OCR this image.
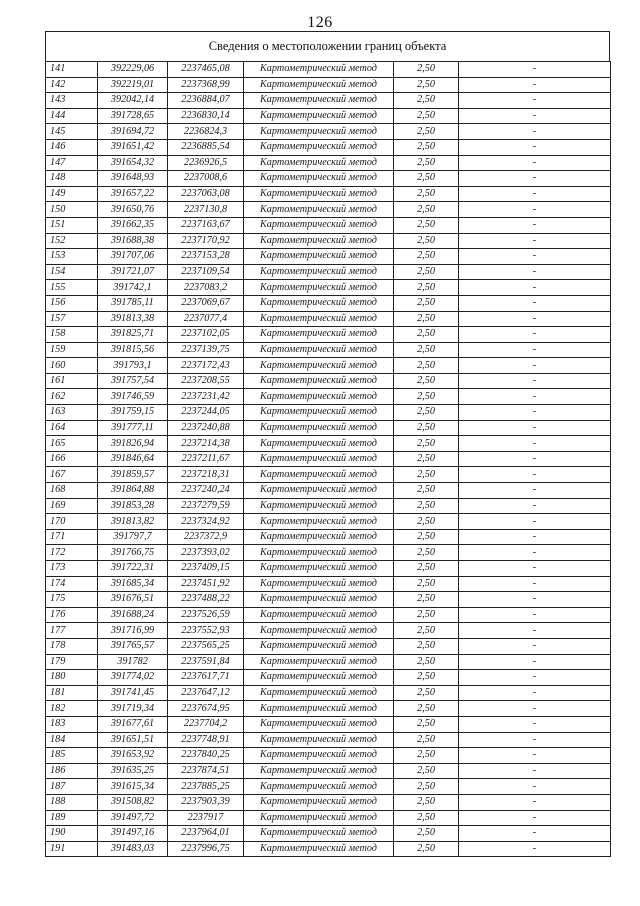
126
Сведения о местоположении границ объекта
141	392229,06	2237465,08	Картометрический метод	2,50	-
142	392219,01	2237368,99	Картометрический метод	2,50	-
143	392042,14	2236884,07	Картометрический метод	2,50	-
144	391728,65	2236830,14	Картометрический метод	2,50	-
145	391694,72	2236824,3	Картометрический метод	2,50	-
146	391651,42	2236885,54	Картометрический метод	2,50	-
147	391654,32	2236926,5	Картометрический метод	2,50	-
148	391648,93	2237008,6	Картометрический метод	2,50	-
149	391657,22	2237063,08	Картометрический метод	2,50	-
150	391650,76	2237130,8	Картометрический метод	2,50	-
151	391662,35	2237163,67	Картометрический метод	2,50	-
152	391688,38	2237170,92	Картометрический метод	2,50	-
153	391707,06	2237153,28	Картометрический метод	2,50	-
154	391721,07	2237109,54	Картометрический метод	2,50	-
155	391742,1	2237083,2	Картометрический метод	2,50	-
156	391785,11	2237069,67	Картометрический метод	2,50	-
157	391813,38	2237077,4	Картометрический метод	2,50	-
158	391825,71	2237102,05	Картометрический метод	2,50	-
159	391815,56	2237139,75	Картометрический метод	2,50	-
160	391793,1	2237172,43	Картометрический метод	2,50	-
161	391757,54	2237208,55	Картометрический метод	2,50	-
162	391746,59	2237231,42	Картометрический метод	2,50	-
163	391759,15	2237244,05	Картометрический метод	2,50	-
164	391777,11	2237240,88	Картометрический метод	2,50	-
165	391826,94	2237214,38	Картометрический метод	2,50	-
166	391846,64	2237211,67	Картометрический метод	2,50	-
167	391859,57	2237218,31	Картометрический метод	2,50	-
168	391864,88	2237240,24	Картометрический метод	2,50	-
169	391853,28	2237279,59	Картометрический метод	2,50	-
170	391813,82	2237324,92	Картометрический метод	2,50	-
171	391797,7	2237372,9	Картометрический метод	2,50	-
172	391766,75	2237393,02	Картометрический метод	2,50	-
173	391722,31	2237409,15	Картометрический метод	2,50	-
174	391685,34	2237451,92	Картометрический метод	2,50	-
175	391676,51	2237488,22	Картометрический метод	2,50	-
176	391688,24	2237526,59	Картометрический метод	2,50	-
177	391716,99	2237552,93	Картометрический метод	2,50	-
178	391765,57	2237565,25	Картометрический метод	2,50	-
179	391782	2237591,84	Картометрический метод	2,50	-
180	391774,02	2237617,71	Картометрический метод	2,50	-
181	391741,45	2237647,12	Картометрический метод	2,50	-
182	391719,34	2237674,95	Картометрический метод	2,50	-
183	391677,61	2237704,2	Картометрический метод	2,50	-
184	391651,51	2237748,91	Картометрический метод	2,50	-
185	391653,92	2237840,25	Картометрический метод	2,50	-
186	391635,25	2237874,51	Картометрический метод	2,50	-
187	391615,34	2237885,25	Картометрический метод	2,50	-
188	391508,82	2237903,39	Картометрический метод	2,50	-
189	391497,72	2237917	Картометрический метод	2,50	-
190	391497,16	2237964,01	Картометрический метод	2,50	-
191	391483,03	2237996,75	Картометрический метод	2,50	-
